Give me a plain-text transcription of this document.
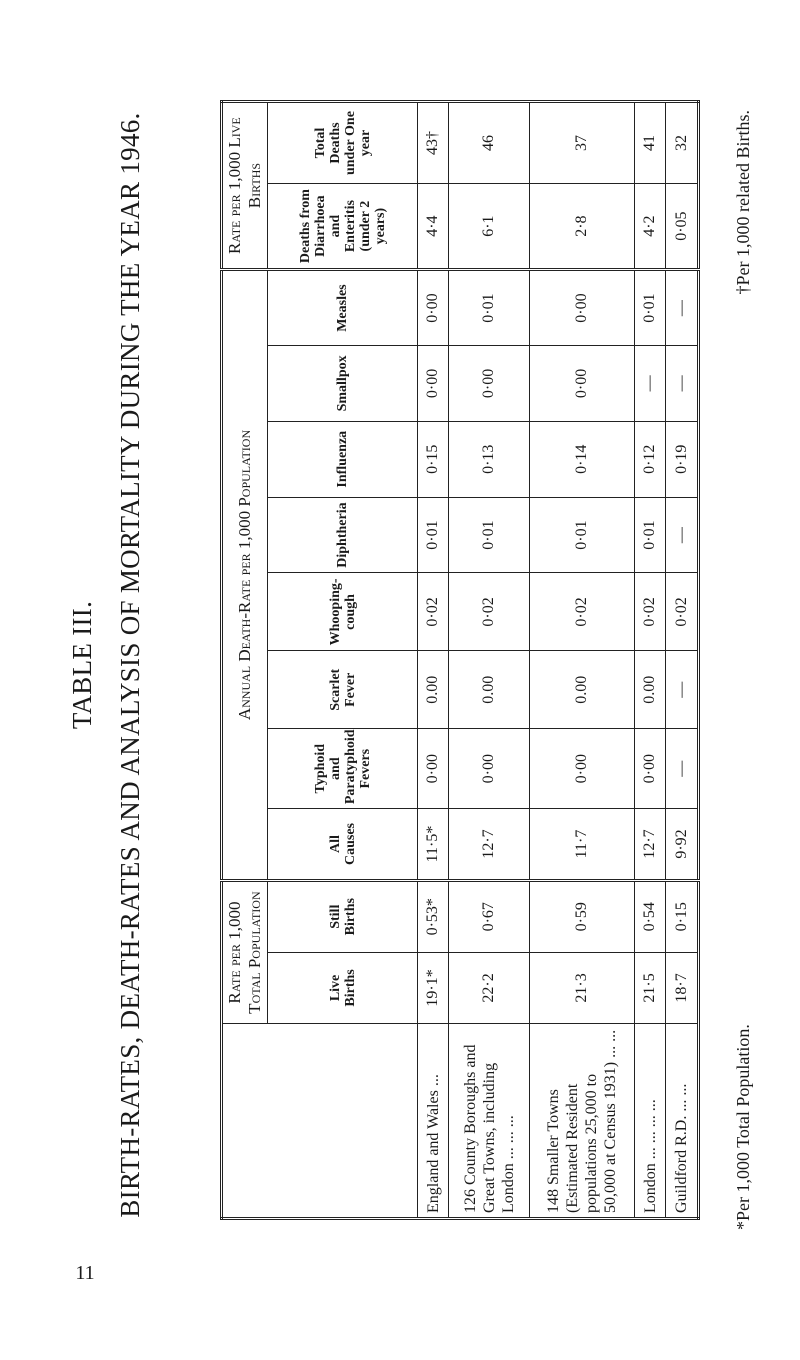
TABLE III. BIRTH-RATES, DEATH-RATES AND ANALYSIS OF MORTALITY DURING THE YEAR 1946.
		Rate per 1,000 Total Population		Annual Death-Rate per 1,000 Population								Rate per 1,000 Live Births	
	Live Births	Still Births	All Causes	Typhoid and Paratyphoid Fevers	Scarlet Fever	Whooping-cough	Diphtheria	Influenza	Smallpox	Measles	Deaths from Diarrhoea and Enteritis (under 2 years)	Total Deaths under One year
England and Wales ...	19·1*	0·53*	11·5*	0·00	0.00	0·02	0·01	0·15	0·00	0·00	4·4	43†
126 County Boroughs and Great Towns, including London ... ... ...	22·2	0·67	12·7	0·00	0.00	0·02	0·01	0·13	0·00	0·01	6·1	46
148 Smaller Towns (Estimated Resident populations 25,000 to 50,000 at Census 1931) ... ...	21·3	0·59	11·7	0·00	0.00	0·02	0·01	0·14	0·00	0·00	2·8	37
London ... ... ... ...	21·5	0·54	12·7	0·00	0.00	0·02	0·01	0·12	—	0·01	4·2	41
Guildford R.D. ... ...	18·7	0·15	9·92	—	—	0·02	—	0·19	—	—	0·05	32
*Per 1,000 Total Population.
†Per 1,000 related Births.
11
